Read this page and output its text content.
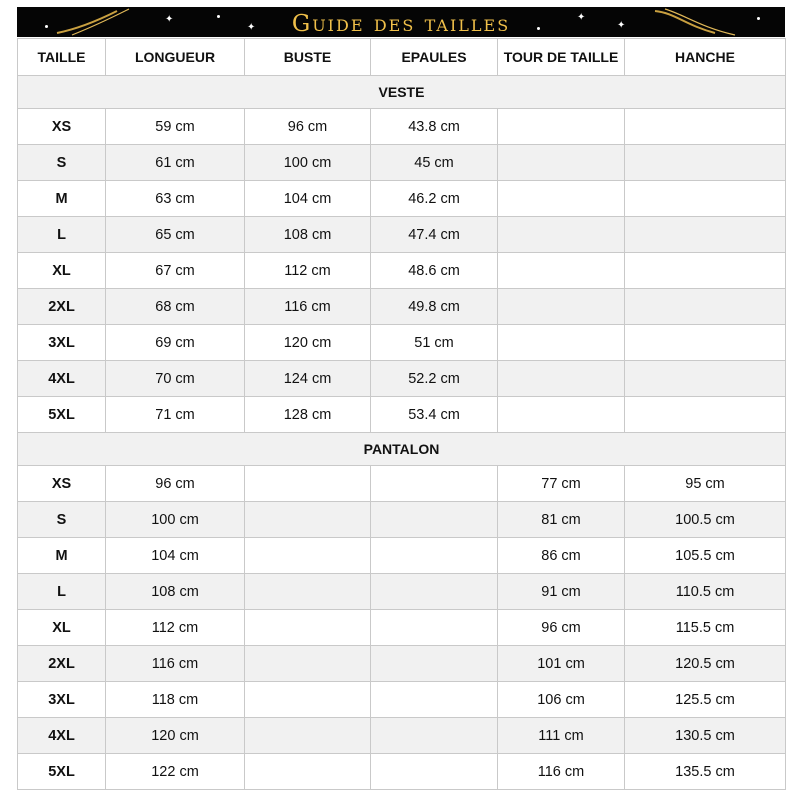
✦
✦
✦
✦
Guide des tailles
TAILLE	LONGUEUR	BUSTE	EPAULES	TOUR DE TAILLE	HANCHE
VESTE					
XS	59 cm	96 cm	43.8 cm		
S	61 cm	100 cm	45 cm		
M	63 cm	104 cm	46.2 cm		
L	65 cm	108 cm	47.4 cm		
XL	67 cm	112 cm	48.6 cm		
2XL	68 cm	116 cm	49.8 cm		
3XL	69 cm	120 cm	51 cm		
4XL	70 cm	124 cm	52.2 cm		
5XL	71 cm	128 cm	53.4 cm		
PANTALON					
XS	96 cm			77 cm	95 cm
S	100 cm			81 cm	100.5 cm
M	104 cm			86 cm	105.5 cm
L	108 cm			91 cm	110.5 cm
XL	112 cm			96 cm	115.5 cm
2XL	116 cm			101 cm	120.5 cm
3XL	118 cm			106 cm	125.5 cm
4XL	120 cm			111 cm	130.5 cm
5XL	122 cm			116 cm	135.5 cm
